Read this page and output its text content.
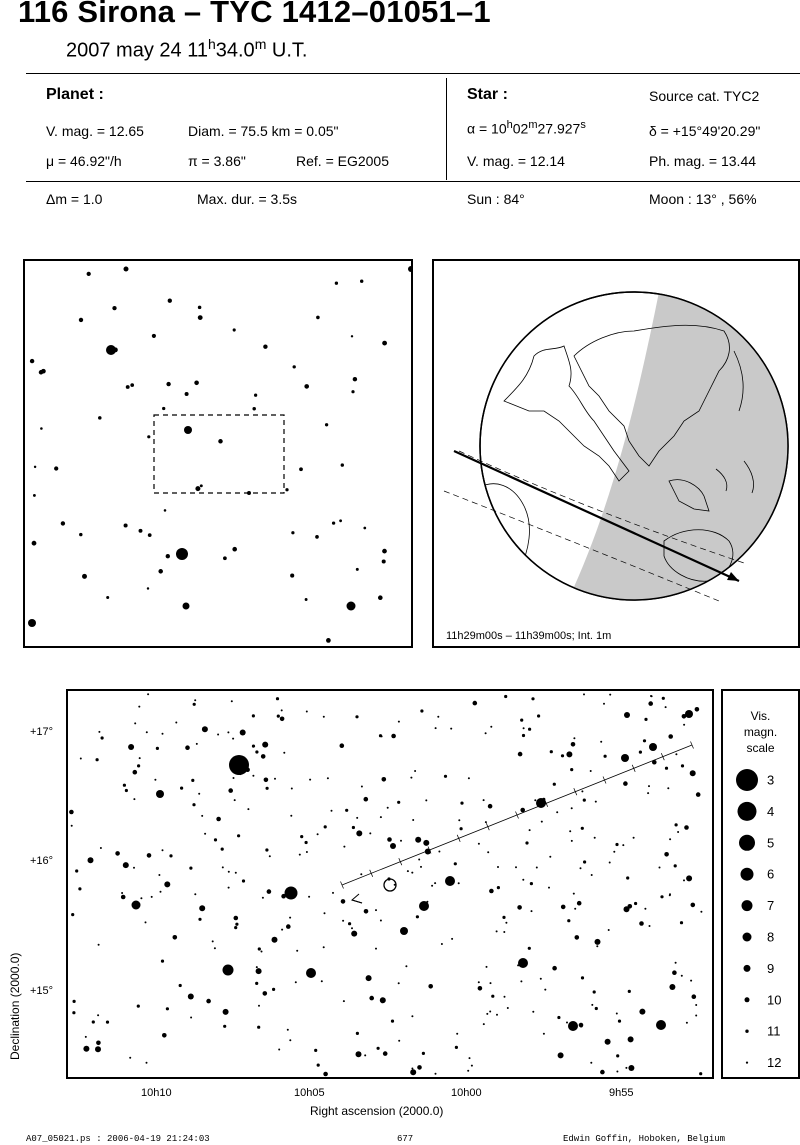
116 Sirona – TYC 1412–01051–1
2007 may 24 11$^h$34.0$^m$ U.T.
Planet :
V. mag. = 12.65	Diam. = 75.5 km = 0.05"
μ = 46.92"/h	π = 3.86"	Ref. = EG2005
Δm = 1.0	Max. dur. = 3.5s
Star :	Source cat. TYC2
$\alpha = 10^h02^m27.927^s$	δ = +15°49'20.29"
V. mag. = 12.14	Ph. mag. = 13.44
Sun : 84°	Moon : 13° , 56%
11h29m00s – 11h39m00s; Int. 1m
Declination (2000.0)
+17°
+16°
+15°
10h10	10h05	10h00	9h55
Right ascension (2000.0)
Vis.
magn.
scale
3
4
5
6
7
8
9
10
11
12
A07_05021.ps : 2006-04-19 21:24:03	677	Edwin Goffin, Hoboken, Belgium
